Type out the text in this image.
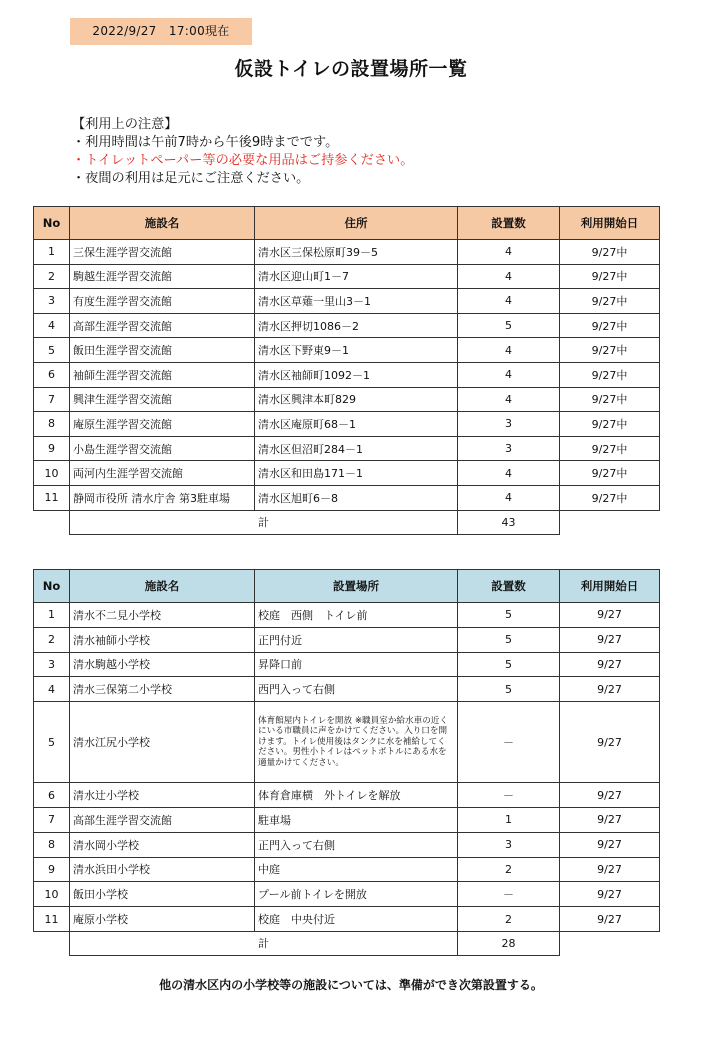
2022/9/27　17:00現在
仮設トイレの設置場所一覧
【利用上の注意】
・利用時間は午前7時から午後9時までです。
・トイレットペーパー等の必要な用品はご持参ください。
・夜間の利用は足元にご注意ください。
No	施設名	住所	設置数	利用開始日
1	三保生涯学習交流館	清水区三保松原町39－5	4	9/27中
2	駒越生涯学習交流館	清水区迎山町1－7	4	9/27中
3	有度生涯学習交流館	清水区草薙一里山3－1	4	9/27中
4	高部生涯学習交流館	清水区押切1086－2	5	9/27中
5	飯田生涯学習交流館	清水区下野東9－1	4	9/27中
6	袖師生涯学習交流館	清水区袖師町1092－1	4	9/27中
7	興津生涯学習交流館	清水区興津本町829	4	9/27中
8	庵原生涯学習交流館	清水区庵原町68－1	3	9/27中
9	小島生涯学習交流館	清水区但沼町284－1	3	9/27中
10	両河内生涯学習交流館	清水区和田島171－1	4	9/27中
11	静岡市役所 清水庁舎 第3駐車場	清水区旭町6－8	4	9/27中
	計		43	
No	施設名	設置場所	設置数	利用開始日
1	清水不二見小学校	校庭　西側　トイレ前	5	9/27
2	清水袖師小学校	正門付近	5	9/27
3	清水駒越小学校	昇降口前	5	9/27
4	清水三保第二小学校	西門入って右側	5	9/27
5	清水江尻小学校	体育館屋内トイレを開放 ※職員室か給水車の近くにいる市職員に声をかけてください。入り口を開けます。トイレ使用後はタンクに水を補給してください。男性小トイレはペットボトルにある水を適量かけてください。	－	9/27
6	清水辻小学校	体育倉庫横　外トイレを解放	－	9/27
7	高部生涯学習交流館	駐車場	1	9/27
8	清水岡小学校	正門入って右側	3	9/27
9	清水浜田小学校	中庭	2	9/27
10	飯田小学校	プール前トイレを開放	－	9/27
11	庵原小学校	校庭　中央付近	2	9/27
	計		28	
他の清水区内の小学校等の施設については、準備ができ次第設置する。
